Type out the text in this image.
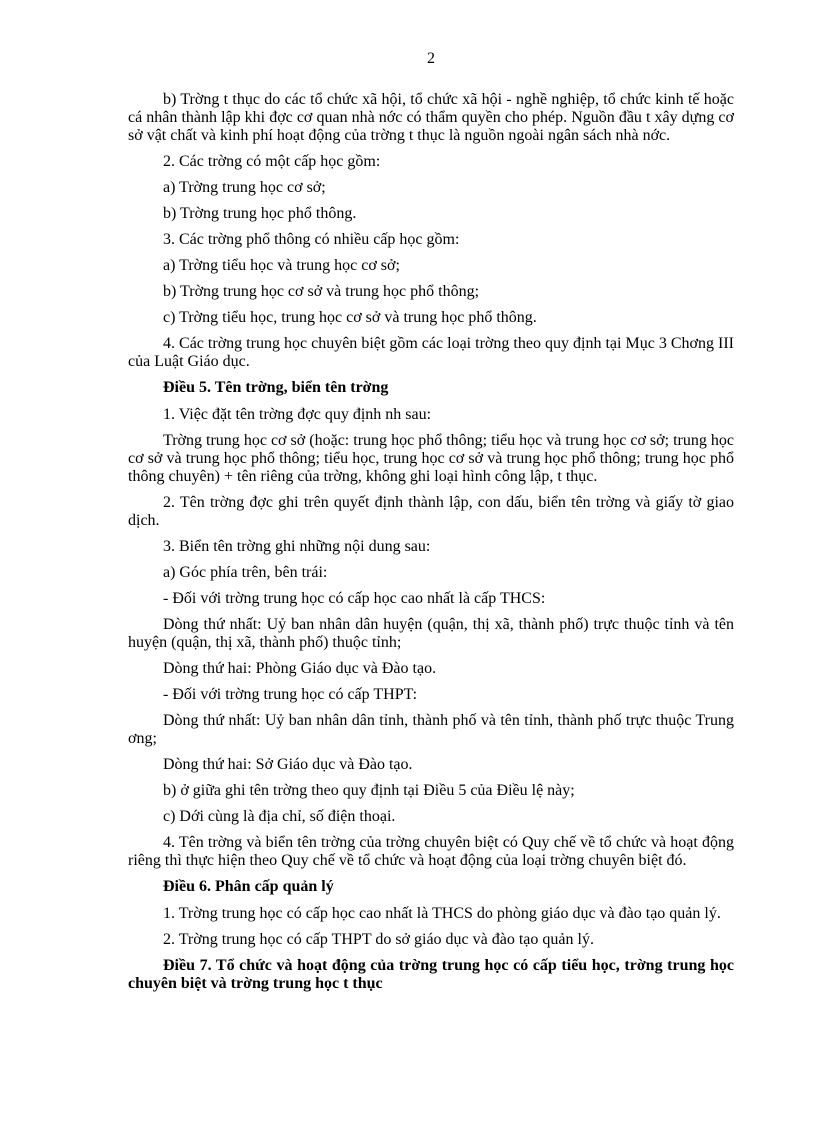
2

b) Trờng t thục do các tổ chức xã hội, tổ chức xã hội - nghề nghiệp, tổ chức kinh tế hoặc cá nhân thành lập khi đợc cơ quan nhà nớc có thẩm quyền cho phép. Nguồn đầu t xây dựng cơ sở vật chất và kinh phí hoạt động của trờng t thục là nguồn ngoài ngân sách nhà nớc.

2. Các trờng có một cấp học gồm:

a) Trờng trung học cơ sở;

b) Trờng trung học phổ thông.

3. Các trờng phổ thông có nhiều cấp học gồm:

a) Trờng tiểu học và trung học cơ sở;

b) Trờng trung học cơ sở và trung học phổ thông;

c) Trờng tiểu học, trung học cơ sở và trung học phổ thông.

4. Các trờng trung học chuyên biệt gồm các loại trờng theo quy định tại Mục 3 Chơng III của Luật Giáo dục.

Điều 5. Tên trờng, biển tên trờng

1. Việc đặt tên trờng đợc quy định nh sau:

Trờng trung học cơ sở (hoặc: trung học phổ thông; tiểu học và trung học cơ sở; trung học cơ sở và trung học phổ thông; tiểu học, trung học cơ sở và trung học phổ thông; trung học phổ thông chuyên) + tên riêng của trờng, không ghi loại hình công lập, t thục.

2. Tên trờng đợc ghi trên quyết định thành lập, con dấu, biển tên trờng và giấy tờ giao dịch.

3. Biển tên trờng ghi những nội dung sau:

a) Góc phía trên, bên trái:

- Đối với trờng trung học có cấp học cao nhất là cấp THCS:

Dòng thứ nhất: Uỷ ban nhân dân huyện (quận, thị xã, thành phố) trực thuộc tỉnh và tên huyện (quận, thị xã, thành phố) thuộc tỉnh;

Dòng thứ hai: Phòng Giáo dục và Đào tạo.

- Đối với trờng trung học có cấp THPT:

Dòng thứ nhất: Uỷ ban nhân dân tỉnh, thành phố và tên tỉnh, thành phố trực thuộc Trung ơng;

Dòng thứ hai: Sở Giáo dục và Đào tạo.

b) ở giữa ghi tên trờng theo quy định tại Điều 5 của Điều lệ này;

c) Dới cùng là địa chỉ, số điện thoại.

4. Tên trờng và biển tên trờng của trờng chuyên biệt có Quy chế về tổ chức và hoạt động riêng thì thực hiện theo Quy chế về tổ chức và hoạt động của loại trờng chuyên biệt đó.

Điều 6. Phân cấp quản lý

1. Trờng trung học có cấp học cao nhất là THCS do phòng giáo dục và đào tạo quản lý.

2. Trờng trung học có cấp THPT do sở giáo dục và đào tạo quản lý.

Điều 7. Tổ chức và hoạt động của trờng trung học có cấp tiểu học, trờng trung học chuyên biệt và trờng trung học t thục
